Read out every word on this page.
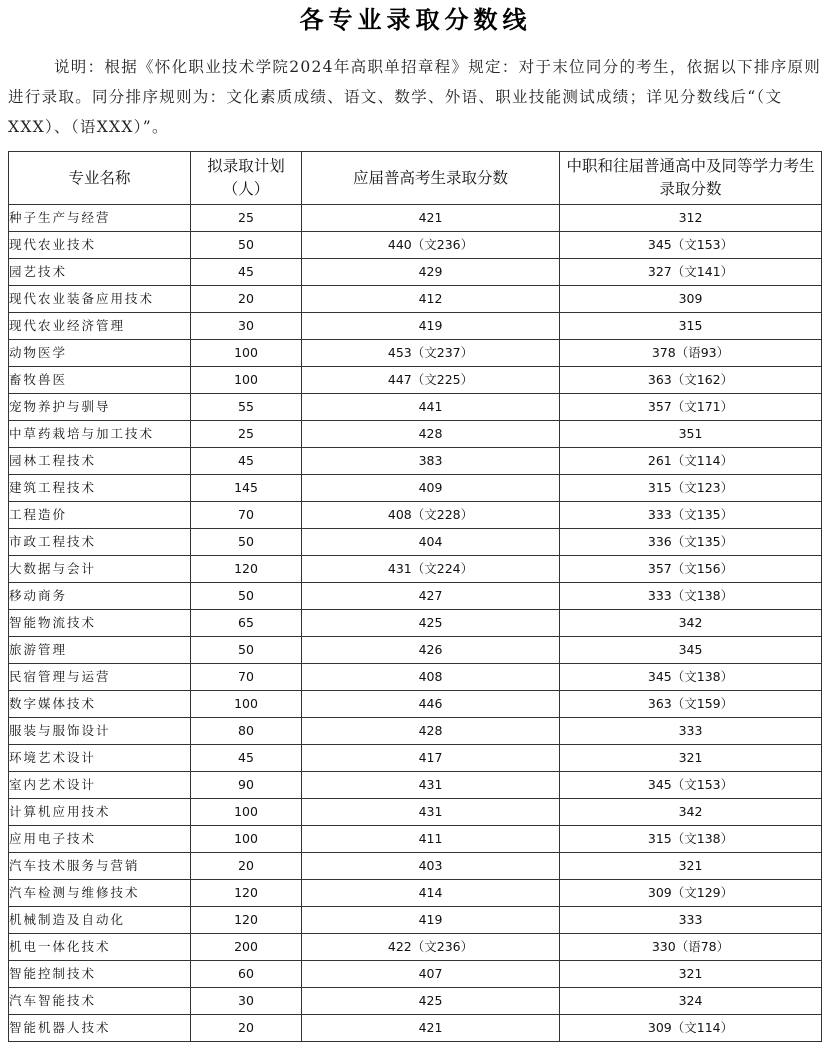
各专业录取分数线

说明：根据《怀化职业技术学院2024年高职单招章程》规定：对于末位同分的考生，依据以下排序原则进行录取。同分排序规则为：文化素质成绩、语文、数学、外语、职业技能测试成绩；详见分数线后“（文XXX）、（语XXX）”。

专业名称	拟录取计划（人）	应届普高考生录取分数	中职和往届普通高中及同等学力考生录取分数
种子生产与经营	25	421	312
现代农业技术	50	440（文236）	345（文153）
园艺技术	45	429	327（文141）
现代农业装备应用技术	20	412	309
现代农业经济管理	30	419	315
动物医学	100	453（文237）	378（语93）
畜牧兽医	100	447（文225）	363（文162）
宠物养护与驯导	55	441	357（文171）
中草药栽培与加工技术	25	428	351
园林工程技术	45	383	261（文114）
建筑工程技术	145	409	315（文123）
工程造价	70	408（文228）	333（文135）
市政工程技术	50	404	336（文135）
大数据与会计	120	431（文224）	357（文156）
移动商务	50	427	333（文138）
智能物流技术	65	425	342
旅游管理	50	426	345
民宿管理与运营	70	408	345（文138）
数字媒体技术	100	446	363（文159）
服装与服饰设计	80	428	333
环境艺术设计	45	417	321
室内艺术设计	90	431	345（文153）
计算机应用技术	100	431	342
应用电子技术	100	411	315（文138）
汽车技术服务与营销	20	403	321
汽车检测与维修技术	120	414	309（文129）
机械制造及自动化	120	419	333
机电一体化技术	200	422（文236）	330（语78）
智能控制技术	60	407	321
汽车智能技术	30	425	324
智能机器人技术	20	421	309（文114）
